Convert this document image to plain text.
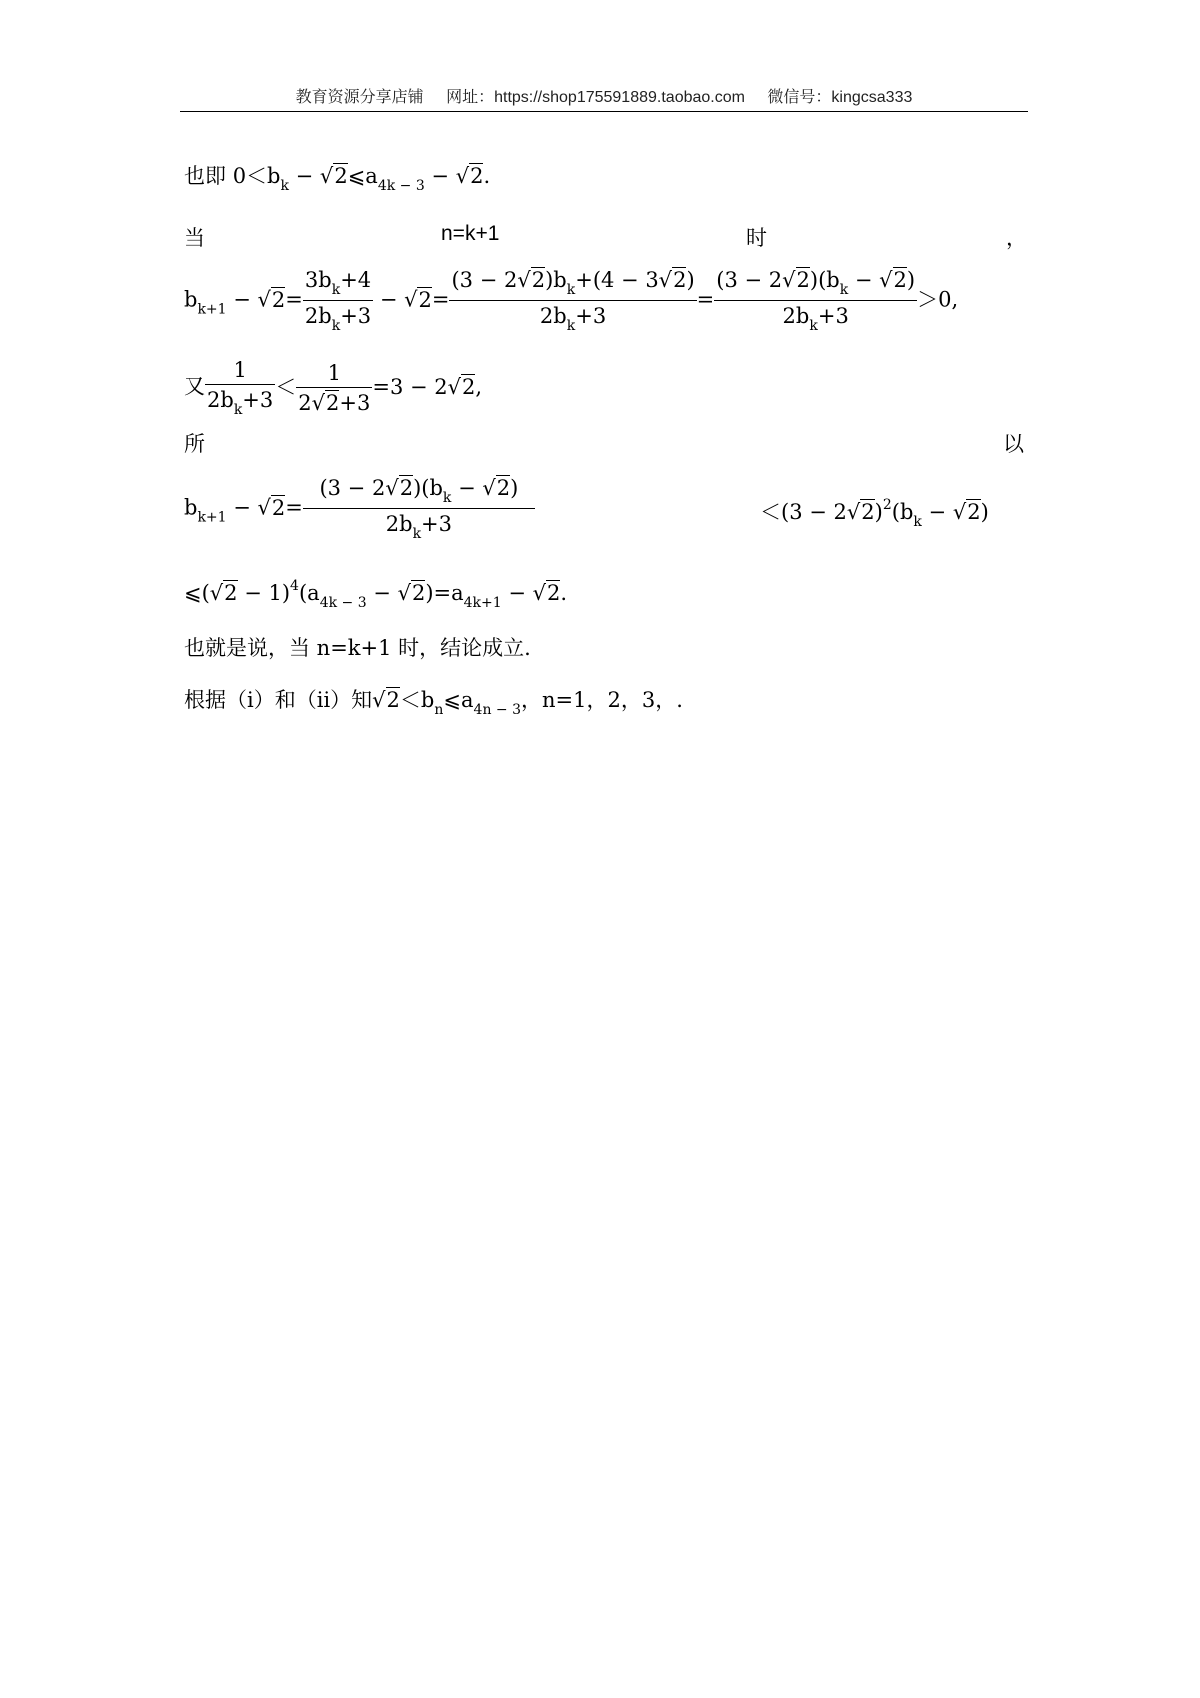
教育资源分享店铺 网址：https://shop175591889.taobao.com 微信号：kingcsa333
也即 $0<b_k$ − $√2⩽a_{4k - 3} - √2$.
当	n=k+1	时	，
$b_{k+1} - √2= \frac{3b_k+4}{2b_k+3} - √2= \frac{(3 - 2√2)b_k+(4 - 3√2)}{2b_k+3} = \frac{(3 - 2√2)(b_k - √2)}{2b_k+3} >0$,
又 $\frac{1}{2b_k+3} < \frac{1}{2√2+3} =3 - 2√2$,
所	以
$b_{k+1} - √2= \frac{(3 - 2√2)(b_k - √2)}{2b_k+3}$	$<(3 - 2√2)^2(b_k - √2)$
⩽(√2 − $1)^4(a_{4k - 3} - √2)=a_{4k+1} - √2$.
也就是说，当 n=k+1 时，结论成立.
根据（ⅰ）和（ⅱ）知$√2<b_n⩽a_{4n - 3}$，n=1，2，3，.
